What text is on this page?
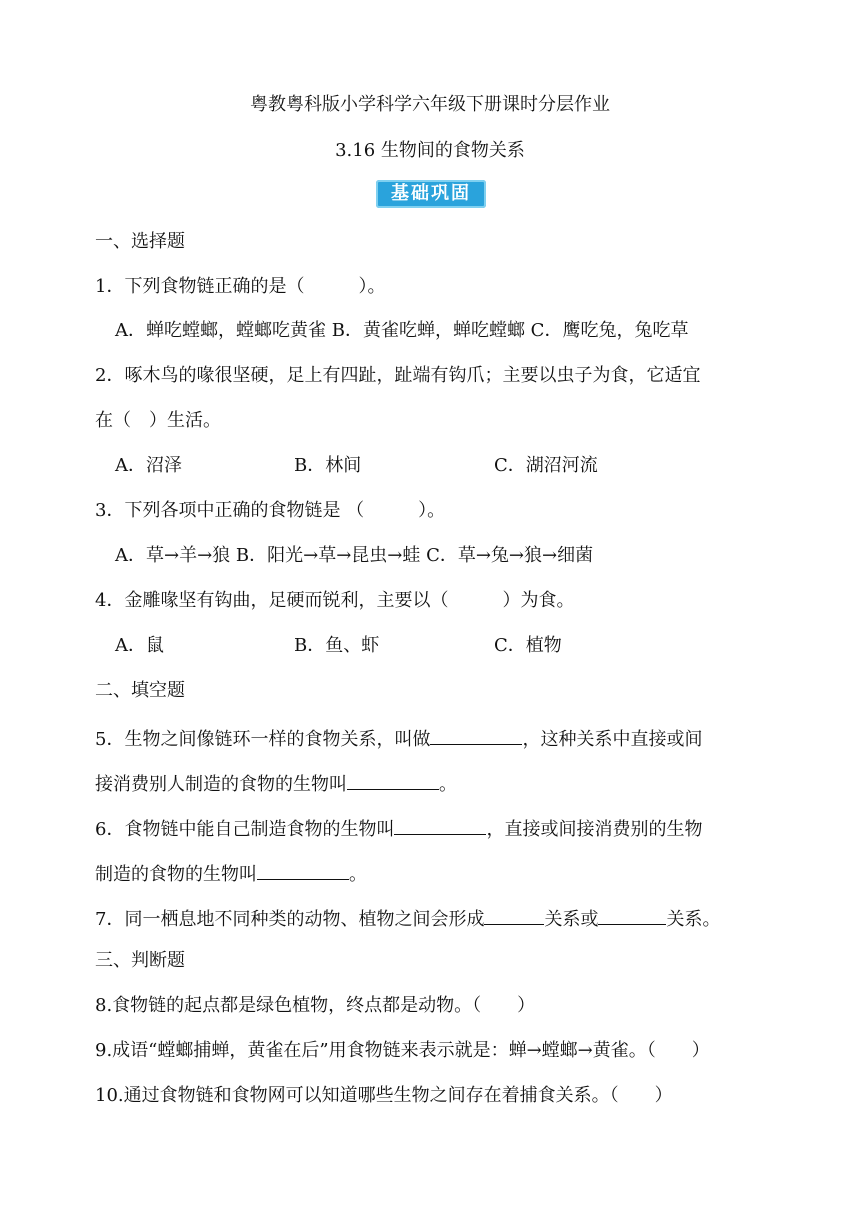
粤教粤科版小学科学六年级下册课时分层作业
3.16 生物间的食物关系
基础巩固
一、选择题
1．下列食物链正确的是（　　　）。
A．蝉吃螳螂，螳螂吃黄雀 B．黄雀吃蝉，蝉吃螳螂 C．鹰吃兔，兔吃草
2．啄木鸟的喙很坚硬，足上有四趾，趾端有钩爪；主要以虫子为食，它适宜
在（　）生活。
A．沼泽	B．林间	C．湖沼河流
3．下列各项中正确的食物链是 （　　　）。
A．草→羊→狼 B．阳光→草→昆虫→蛙 C．草→兔→狼→细菌
4．金雕喙坚有钩曲，足硬而锐利，主要以（　　　）为食。
A．鼠	B．鱼、虾	C．植物
二、填空题
5．生物之间像链环一样的食物关系，叫做	，这种关系中直接或间
接消费别人制造的食物的生物叫	。
6．食物链中能自己制造食物的生物叫	，直接或间接消费别的生物
制造的食物的生物叫	。
7．同一栖息地不同种类的动物、植物之间会形成	关系或	关系。
三、判断题
8.食物链的起点都是绿色植物，终点都是动物。（　　）
9.成语“螳螂捕蝉，黄雀在后”用食物链来表示就是：蝉→螳螂→黄雀。（　　）
10.通过食物链和食物网可以知道哪些生物之间存在着捕食关系。（　　）
